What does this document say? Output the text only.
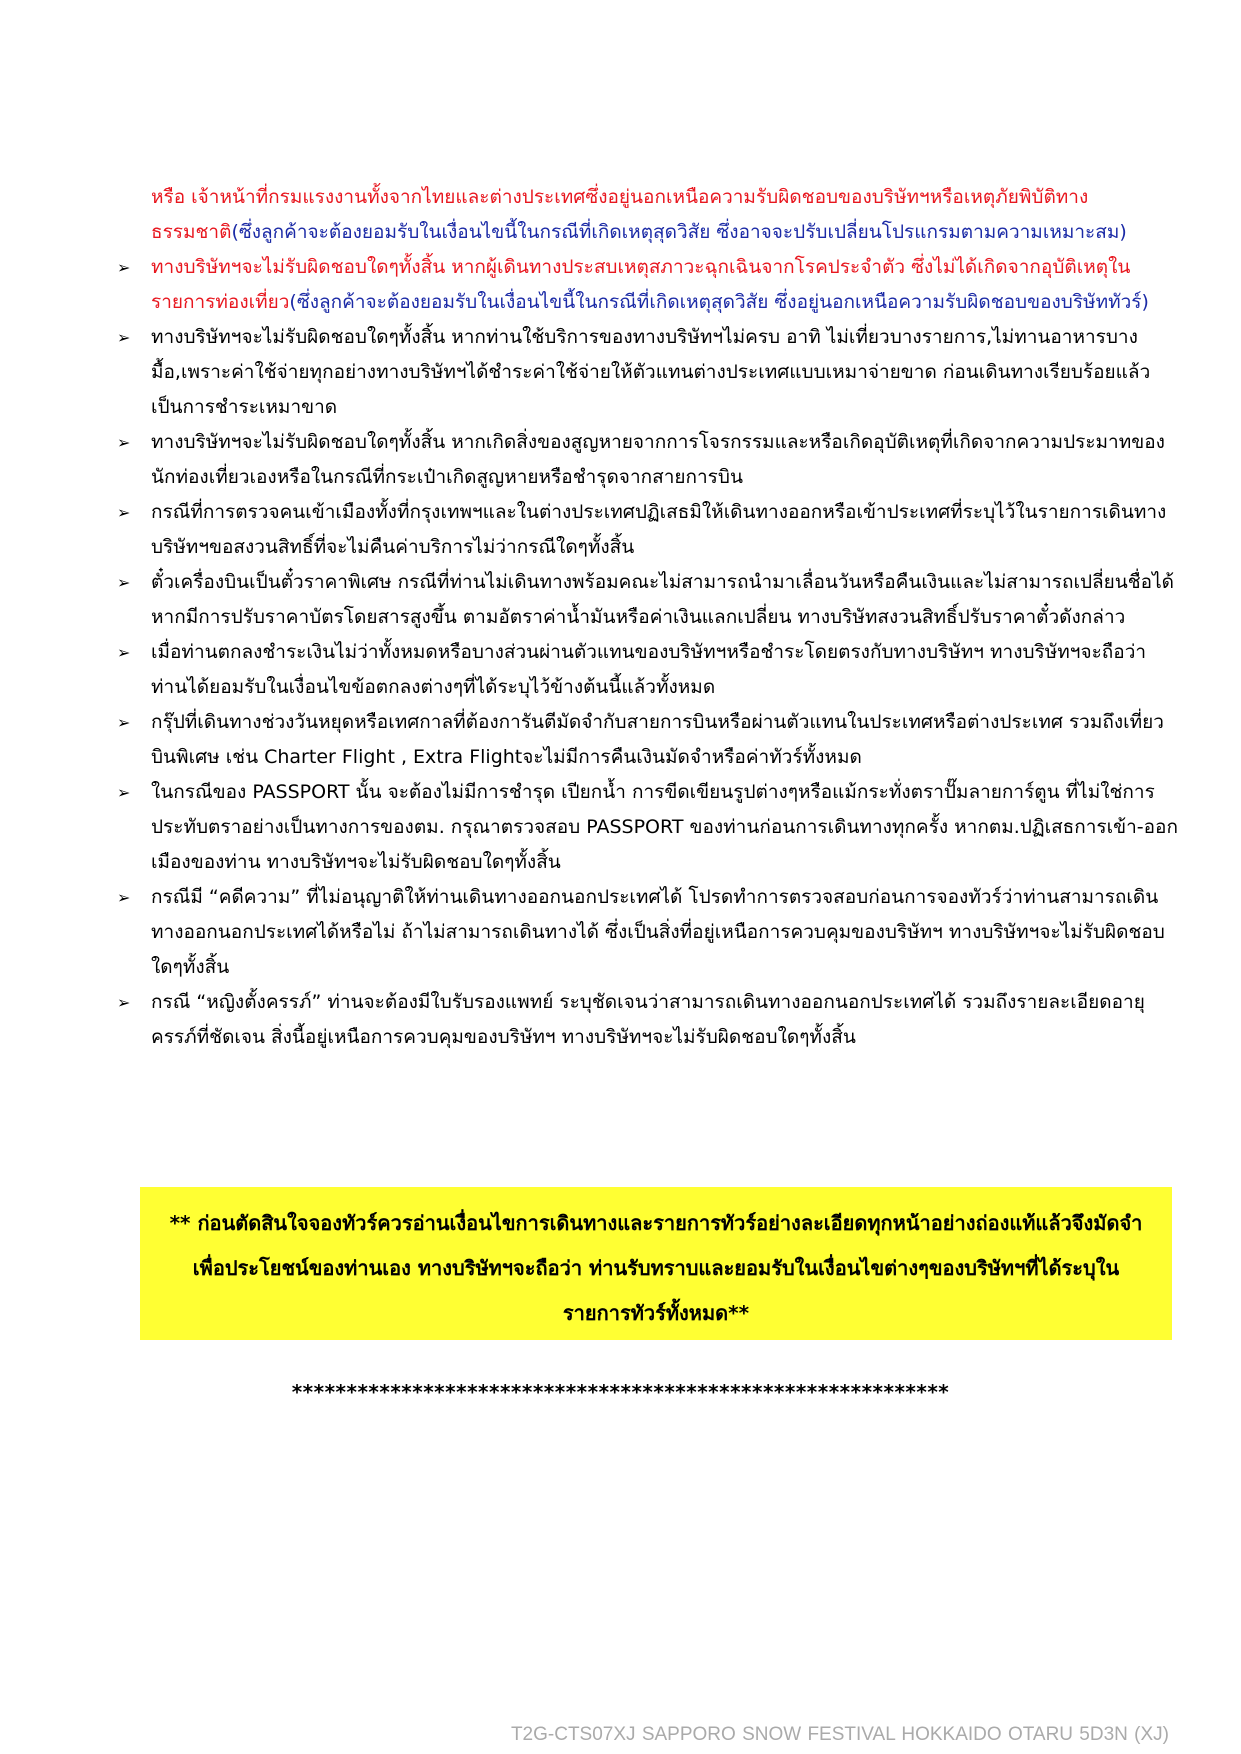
หรือ เจ้าหน้าที่กรมแรงงานทั้งจากไทยและต่างประเทศซึ่งอยู่นอกเหนือความรับผิดชอบของบริษัทฯหรือเหตุภัยพิบัติทางธรรมชาติ(ซึ่งลูกค้าจะต้องยอมรับในเงื่อนไขนี้ในกรณีที่เกิดเหตุสุดวิสัย ซึ่งอาจจะปรับเปลี่ยนโปรแกรมตามความเหมาะสม)

➢ ทางบริษัทฯจะไม่รับผิดชอบใดๆทั้งสิ้น หากผู้เดินทางประสบเหตุสภาวะฉุกเฉินจากโรคประจำตัว ซึ่งไม่ได้เกิดจากอุบัติเหตุในรายการท่องเที่ยว(ซึ่งลูกค้าจะต้องยอมรับในเงื่อนไขนี้ในกรณีที่เกิดเหตุสุดวิสัย ซึ่งอยู่นอกเหนือความรับผิดชอบของบริษัททัวร์)
➢ ทางบริษัทฯจะไม่รับผิดชอบใดๆทั้งสิ้น หากท่านใช้บริการของทางบริษัทฯไม่ครบ อาทิ ไม่เที่ยวบางรายการ,ไม่ทานอาหารบางมื้อ,เพราะค่าใช้จ่ายทุกอย่างทางบริษัทฯได้ชำระค่าใช้จ่ายให้ตัวแทนต่างประเทศแบบเหมาจ่ายขาด ก่อนเดินทางเรียบร้อยแล้วเป็นการชำระเหมาขาด
➢ ทางบริษัทฯจะไม่รับผิดชอบใดๆทั้งสิ้น หากเกิดสิ่งของสูญหายจากการโจรกรรมและหรือเกิดอุบัติเหตุที่เกิดจากความประมาทของนักท่องเที่ยวเองหรือในกรณีที่กระเป๋าเกิดสูญหายหรือชำรุดจากสายการบิน
➢ กรณีที่การตรวจคนเข้าเมืองทั้งที่กรุงเทพฯและในต่างประเทศปฏิเสธมิให้เดินทางออกหรือเข้าประเทศที่ระบุไว้ในรายการเดินทาง บริษัทฯขอสงวนสิทธิ์ที่จะไม่คืนค่าบริการไม่ว่ากรณีใดๆทั้งสิ้น
➢ ตั๋วเครื่องบินเป็นตั๋วราคาพิเศษ กรณีที่ท่านไม่เดินทางพร้อมคณะไม่สามารถนำมาเลื่อนวันหรือคืนเงินและไม่สามารถเปลี่ยนชื่อได้หากมีการปรับราคาบัตรโดยสารสูงขึ้น ตามอัตราค่าน้ำมันหรือค่าเงินแลกเปลี่ยน ทางบริษัทสงวนสิทธิ์ปรับราคาตั๋วดังกล่าว
➢ เมื่อท่านตกลงชำระเงินไม่ว่าทั้งหมดหรือบางส่วนผ่านตัวแทนของบริษัทฯหรือชำระโดยตรงกับทางบริษัทฯ ทางบริษัทฯจะถือว่าท่านได้ยอมรับในเงื่อนไขข้อตกลงต่างๆที่ได้ระบุไว้ข้างต้นนี้แล้วทั้งหมด
➢ กรุ๊ปที่เดินทางช่วงวันหยุดหรือเทศกาลที่ต้องการันตีมัดจำกับสายการบินหรือผ่านตัวแทนในประเทศหรือต่างประเทศ รวมถึงเที่ยวบินพิเศษ เช่น Charter Flight , Extra Flightจะไม่มีการคืนเงินมัดจำหรือค่าทัวร์ทั้งหมด
➢ ในกรณีของ PASSPORT นั้น จะต้องไม่มีการชำรุด เปียกน้ำ การขีดเขียนรูปต่างๆหรือแม้กระทั่งตราปั๊มลายการ์ตูน ที่ไม่ใช่การประทับตราอย่างเป็นทางการของตม. กรุณาตรวจสอบ PASSPORT ของท่านก่อนการเดินทางทุกครั้ง หากตม.ปฏิเสธการเข้า-ออกเมืองของท่าน ทางบริษัทฯจะไม่รับผิดชอบใดๆทั้งสิ้น
➢ กรณีมี “คดีความ” ที่ไม่อนุญาติให้ท่านเดินทางออกนอกประเทศได้ โปรดทำการตรวจสอบก่อนการจองทัวร์ว่าท่านสามารถเดินทางออกนอกประเทศได้หรือไม่ ถ้าไม่สามารถเดินทางได้ ซึ่งเป็นสิ่งที่อยู่เหนือการควบคุมของบริษัทฯ ทางบริษัทฯจะไม่รับผิดชอบใดๆทั้งสิ้น
➢ กรณี “หญิงตั้งครรภ์” ท่านจะต้องมีใบรับรองแพทย์ ระบุชัดเจนว่าสามารถเดินทางออกนอกประเทศได้ รวมถึงรายละเอียดอายุครรภ์ที่ชัดเจน สิ่งนี้อยู่เหนือการควบคุมของบริษัทฯ ทางบริษัทฯจะไม่รับผิดชอบใดๆทั้งสิ้น
** ก่อนตัดสินใจจองทัวร์ควรอ่านเงื่อนไขการเดินทางและรายการทัวร์อย่างละเอียดทุกหน้าอย่างถ่องแท้แล้วจึงมัดจำเพื่อประโยชน์ของท่านเอง ทางบริษัทฯจะถือว่า ท่านรับทราบและยอมรับในเงื่อนไขต่างๆของบริษัทฯที่ได้ระบุในรายการทัวร์ทั้งหมด**
************************************************************
T2G-CTS07XJ SAPPORO SNOW FESTIVAL HOKKAIDO OTARU 5D3N (XJ)
